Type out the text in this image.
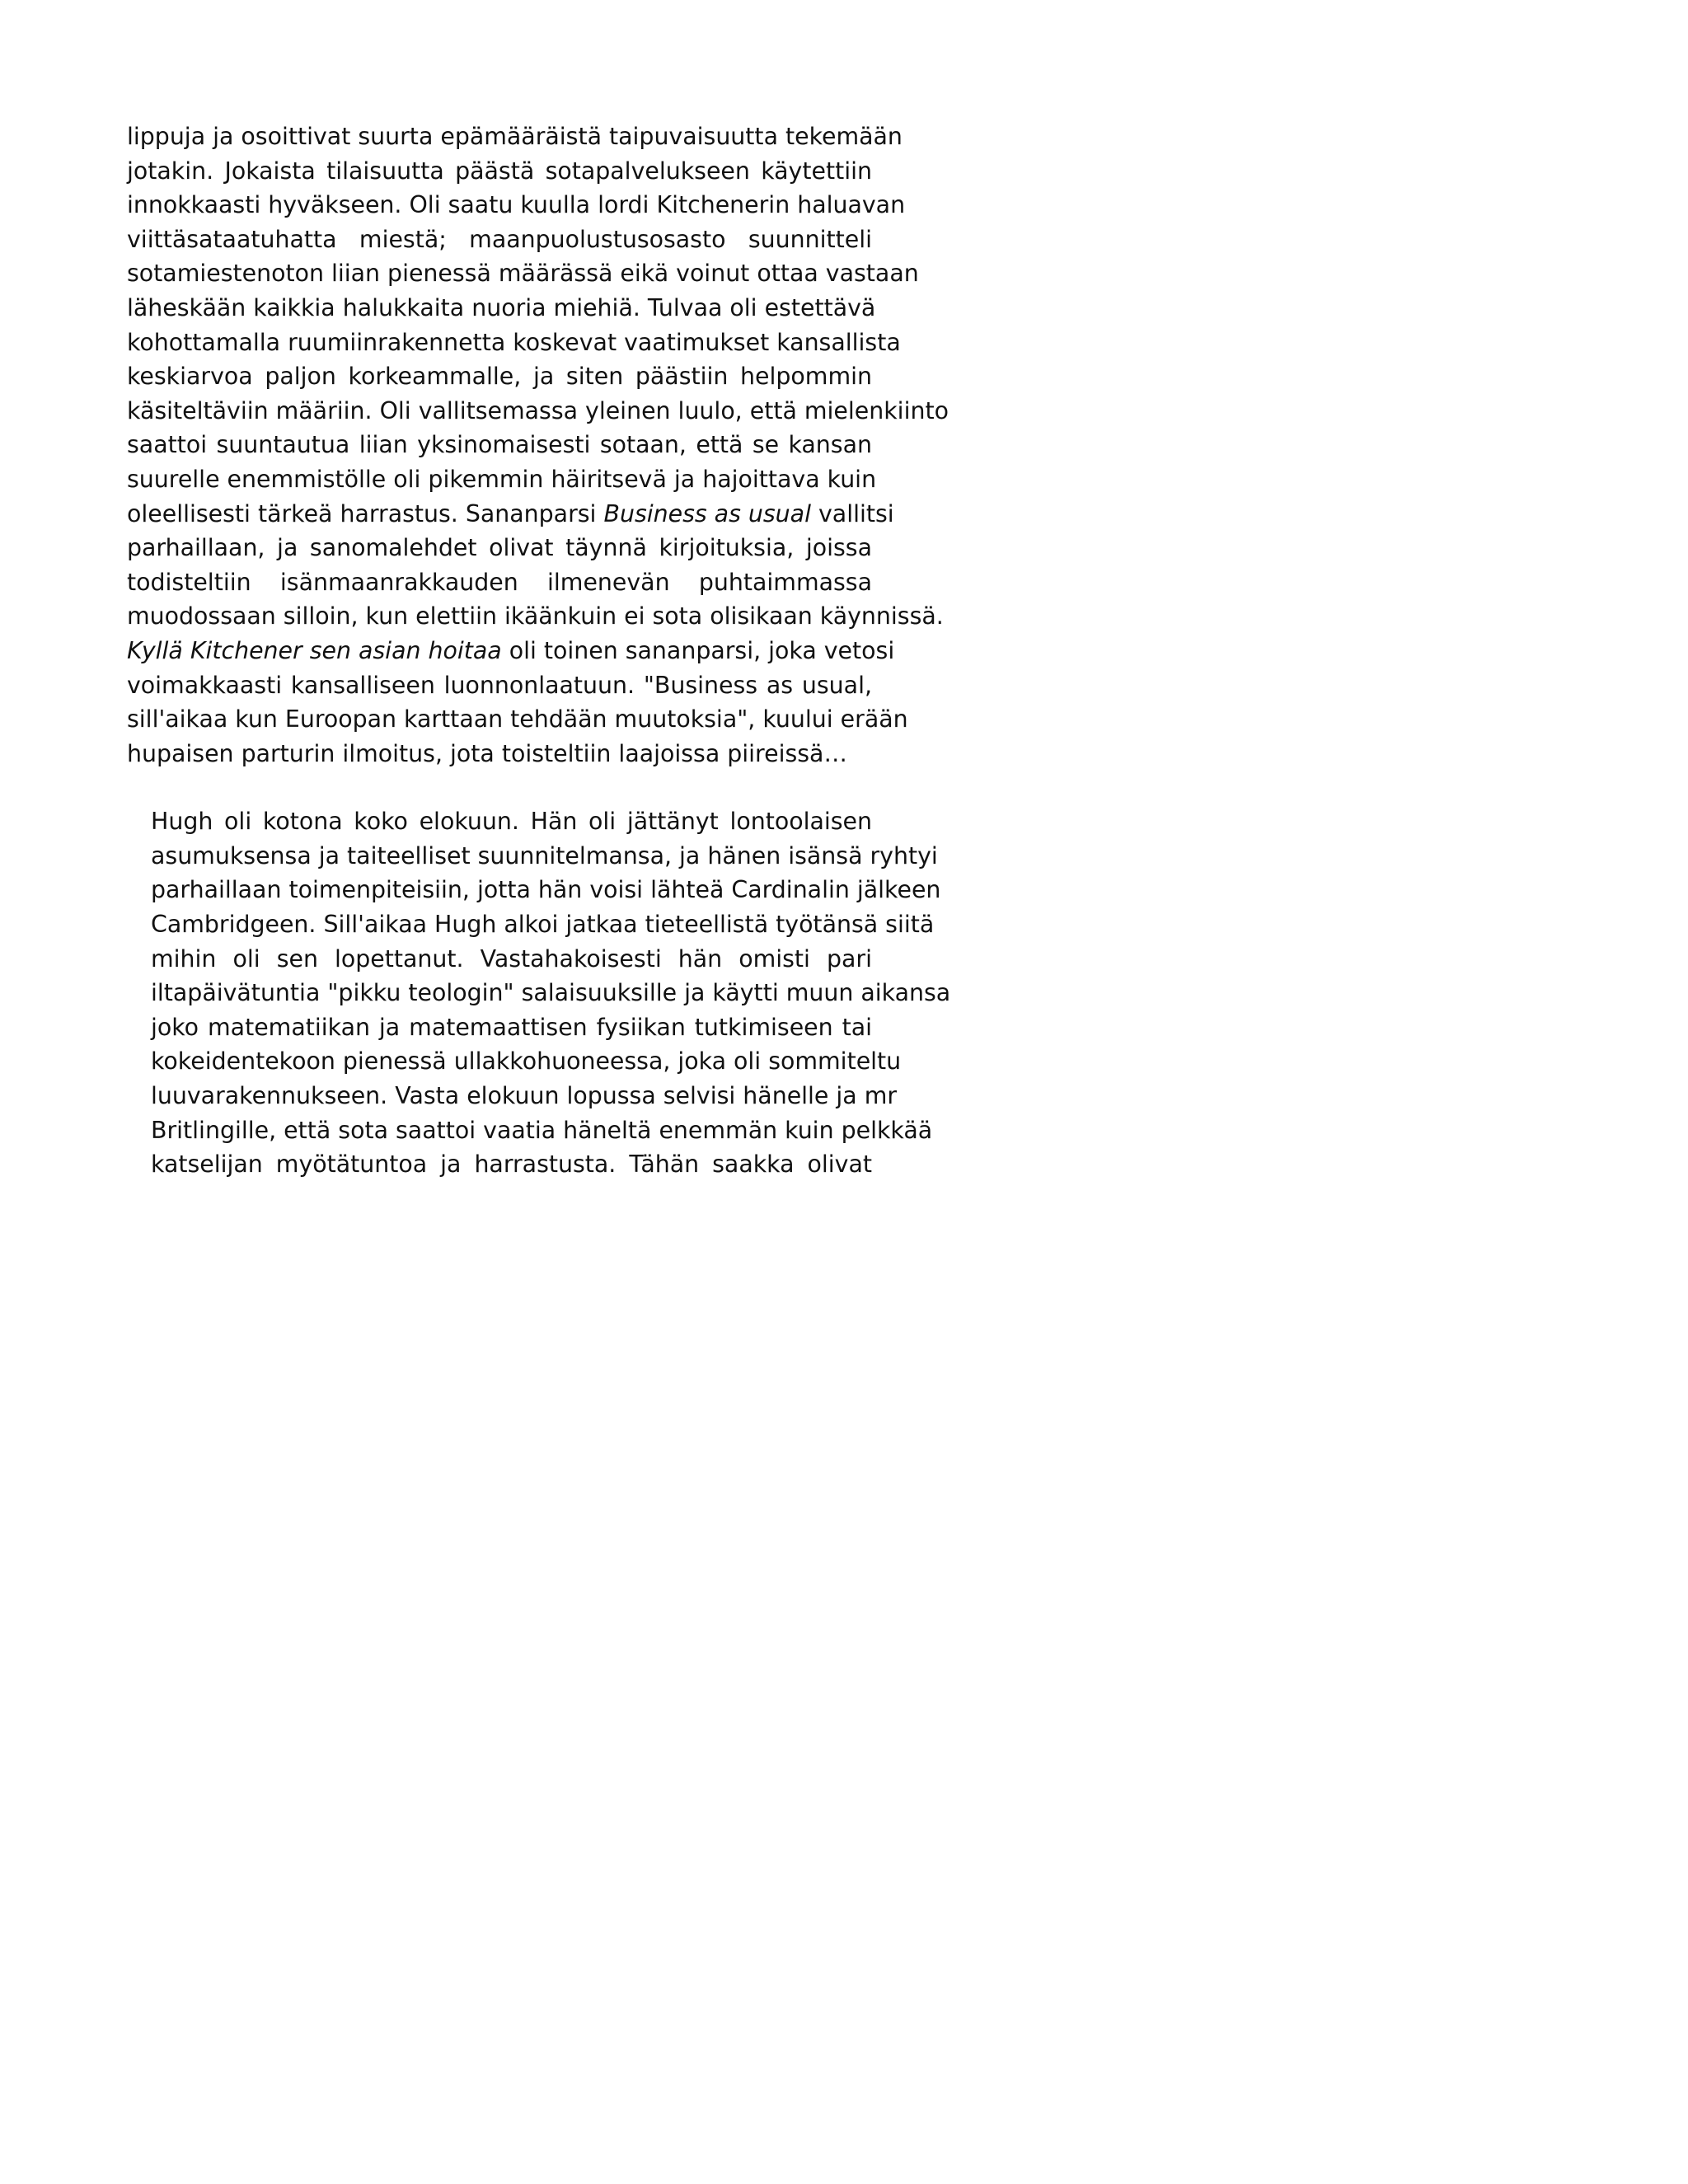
lippuja ja osoittivat suurta epämääräistä taipuvaisuutta tekemään
jotakin. Jokaista tilaisuutta päästä sotapalvelukseen käytettiin
innokkaasti hyväkseen. Oli saatu kuulla lordi Kitchenerin haluavan
viittäsataatuhatta miestä; maanpuolustusosasto suunnitteli
sotamiestenoton liian pienessä määrässä eikä voinut ottaa vastaan
läheskään kaikkia halukkaita nuoria miehiä. Tulvaa oli estettävä
kohottamalla ruumiinrakennetta koskevat vaatimukset kansallista
keskiarvoa paljon korkeammalle, ja siten päästiin helpommin
käsiteltäviin määriin. Oli vallitsemassa yleinen luulo, että mielenkiinto
saattoi suuntautua liian yksinomaisesti sotaan, että se kansan
suurelle enemmistölle oli pikemmin häiritsevä ja hajoittava kuin
oleellisesti tärkeä harrastus. Sananparsi Business as usual vallitsi
parhaillaan, ja sanomalehdet olivat täynnä kirjoituksia, joissa
todisteltiin isänmaanrakkauden ilmenevän puhtaimmassa
muodossaan silloin, kun elettiin ikäänkuin ei sota olisikaan käynnissä.
Kyllä Kitchener sen asian hoitaa oli toinen sananparsi, joka vetosi
voimakkaasti kansalliseen luonnonlaatuun. "Business as usual,
sill'aikaa kun Euroopan karttaan tehdään muutoksia", kuului erään
hupaisen parturin ilmoitus, jota toisteltiin laajoissa piireissä…

Hugh oli kotona koko elokuun. Hän oli jättänyt lontoolaisen
asumuksensa ja taiteelliset suunnitelmansa, ja hänen isänsä ryhtyi
parhaillaan toimenpiteisiin, jotta hän voisi lähteä Cardinalin jälkeen
Cambridgeen. Sill'aikaa Hugh alkoi jatkaa tieteellistä työtänsä siitä
mihin oli sen lopettanut. Vastahakoisesti hän omisti pari
iltapäivätuntia "pikku teologin" salaisuuksille ja käytti muun aikansa
joko matematiikan ja matemaattisen fysiikan tutkimiseen tai
kokeidentekoon pienessä ullakkohuoneessa, joka oli sommiteltu
luuvarakennukseen. Vasta elokuun lopussa selvisi hänelle ja mr
Britlingille, että sota saattoi vaatia häneltä enemmän kuin pelkkää
katselijan myötätuntoa ja harrastusta. Tähän saakka olivat
